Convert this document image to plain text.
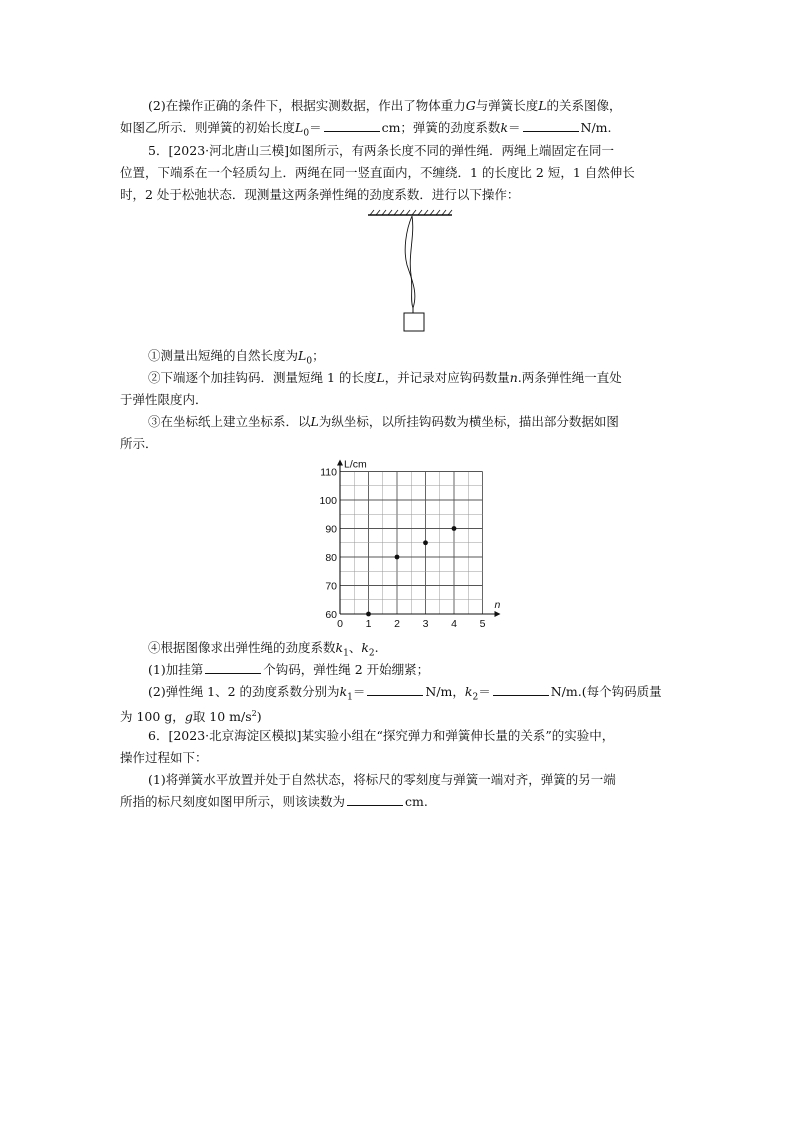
(2)在操作正确的条件下，根据实测数据，作出了物体重力G与弹簧长度L的关系图像，
如图乙所示．则弹簧的初始长度$L_0=$	cm；弹簧的劲度系数k＝	N/m.
5．[2023·河北唐山三模]如图所示，有两条长度不同的弹性绳．两绳上端固定在同一
位置，下端系在一个轻质勾上．两绳在同一竖直面内，不缠绕．1 的长度比 2 短，1 自然伸长
时，2 处于松弛状态．现测量这两条弹性绳的劲度系数．进行以下操作：
①测量出短绳的自然长度为$L_0$；
②下端逐个加挂钩码．测量短绳 1 的长度L，并记录对应钩码数量n.两条弹性绳一直处
于弹性限度内．
③在坐标纸上建立坐标系．以L为纵坐标，以所挂钩码数为横坐标，描出部分数据如图
所示．
0 1 2 3 4 5
60
70
80
90
100
110
L/cm
n
④根据图像求出弹性绳的劲度系数$k_1$、$k_2$.
(1)加挂第	个钩码，弹性绳 2 开始绷紧；
(2)弹性绳 1、2 的劲度系数分别为$k_1=$	N/m，$k_2=$	N/m.(每个钩码质量
为 100 g，g取 10 $m/s^2$)
6．[2023·北京海淀区模拟]某实验小组在“探究弹力和弹簧伸长量的关系”的实验中，
操作过程如下：
(1)将弹簧水平放置并处于自然状态，将标尺的零刻度与弹簧一端对齐，弹簧的另一端
所指的标尺刻度如图甲所示，则该读数为	cm.
